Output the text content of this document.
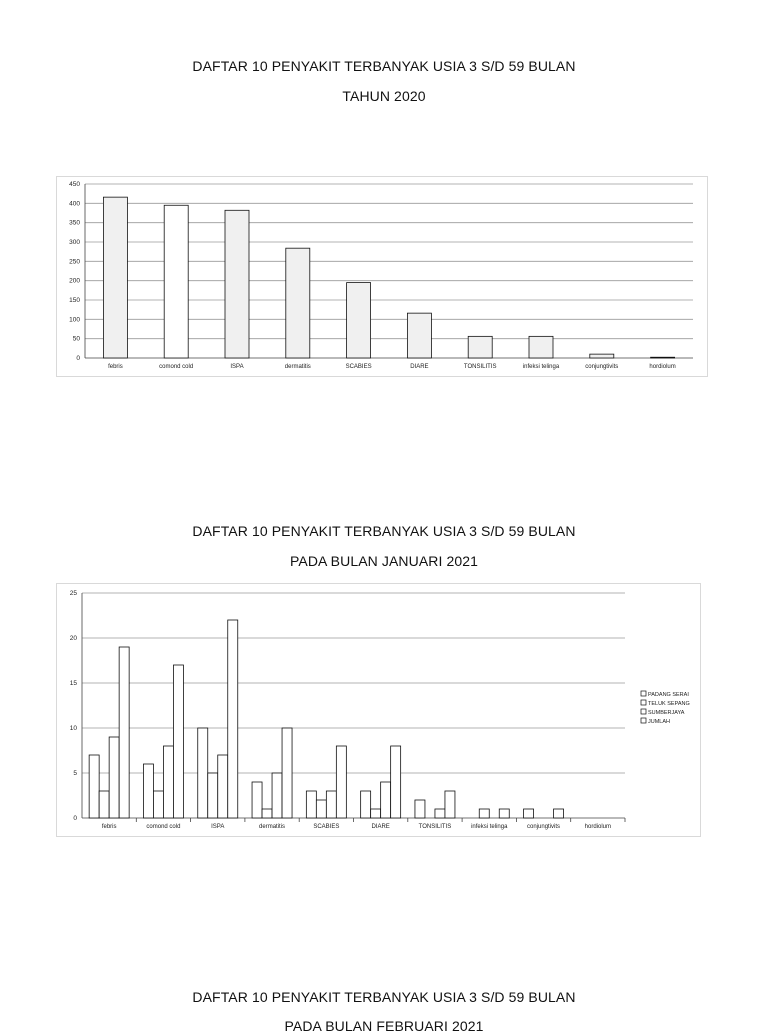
DAFTAR 10 PENYAKIT TERBANYAK USIA 3 S/D 59 BULAN
TAHUN 2020
0
50
100
150
200
250
300
350
400
450
febris	comond cold	ISPA	dermatitis	SCABIES	DIARE	TONSILITIS	infeksi telinga	conjungtivits	hordiolum
DAFTAR 10 PENYAKIT TERBANYAK USIA 3 S/D 59 BULAN
PADA BULAN JANUARI 2021
0
5
10
15
20
25
febris	comond cold	ISPA	dermatitis	SCABIES	DIARE	TONSILITIS	infeksi telinga	conjungtivits	hordiolum
PADANG SERAI
TELUK SEPANG
SUMBERJAYA
JUMLAH
DAFTAR 10 PENYAKIT TERBANYAK USIA 3 S/D 59 BULAN
PADA BULAN FEBRUARI 2021
